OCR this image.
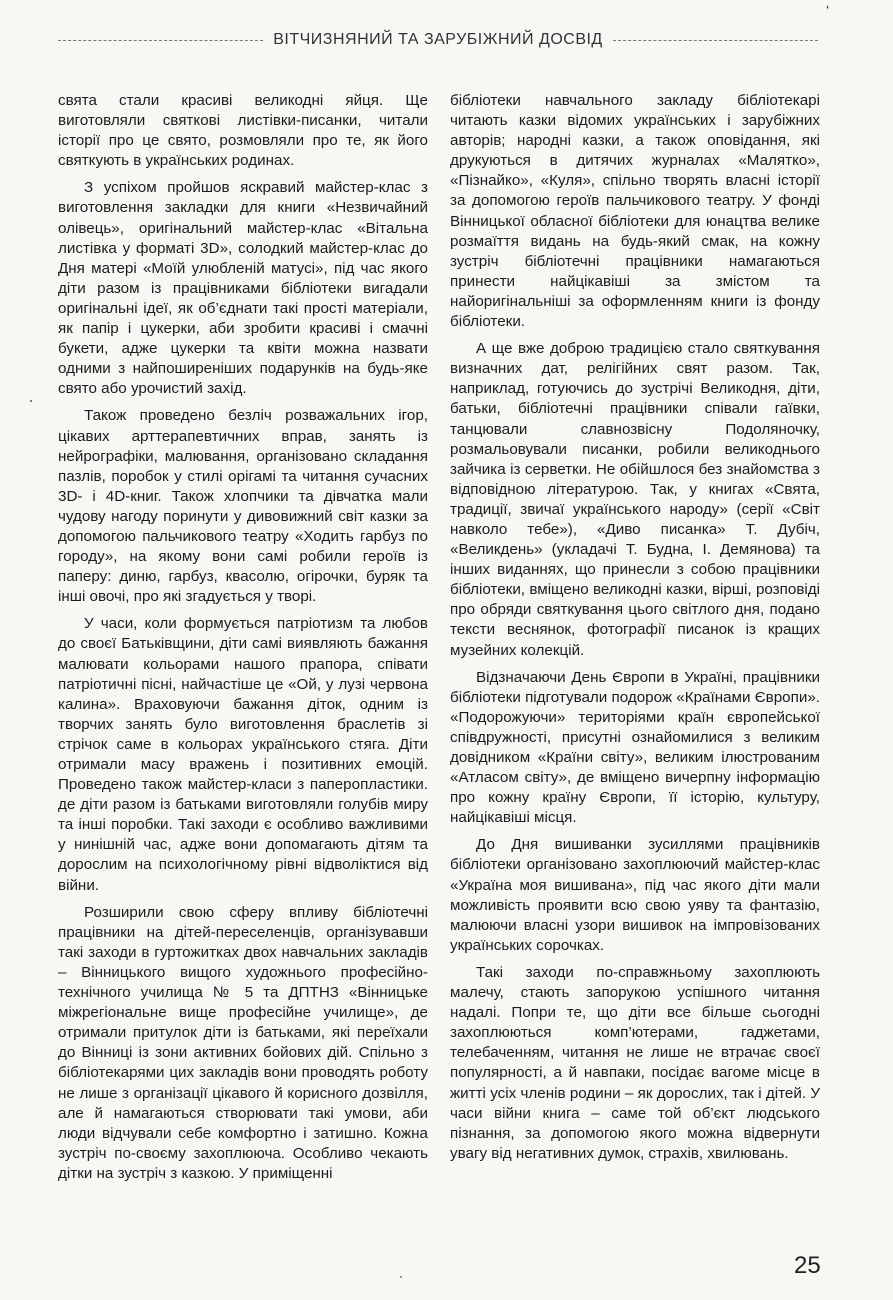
‘
ВІТЧИЗНЯНИЙ ТА ЗАРУБІЖНИЙ ДОСВІД

свята стали красиві великодні яйця. Ще виготовляли святкові листівки-писанки, читали історії про це свято, розмовляли про те, як його святкують в українських родинах.

З успіхом пройшов яскравий майстер-клас з виготовлення закладки для книги «Незвичайний олівець», оригінальний майстер-клас «Вітальна листівка у форматі 3D», солодкий майстер-клас до Дня матері «Моїй улюбленій матусі», під час якого діти разом із працівниками бібліотеки вигадали оригінальні ідеї, як об’єднати такі прості матеріали, як папір і цукерки, аби зробити красиві і смачні букети, адже цукерки та квіти можна назвати одними з найпоширеніших подарунків на будь-яке свято або урочистий захід.

Також проведено безліч розважальних ігор, цікавих арттерапевтичних вправ, занять із нейрографіки, малювання, організовано складання пазлів, поробок у стилі орігамі та читання сучасних 3D- і 4D-книг. Також хлопчики та дівчатка мали чудову нагоду поринути у дивовижний світ казки за допомогою пальчикового театру «Ходить гарбуз по городу», на якому вони самі робили героїв із паперу: диню, гарбуз, квасолю, огірочки, буряк та інші овочі, про які згадується у творі.

У часи, коли формується патріотизм та любов до своєї Батьківщини, діти самі виявляють бажання малювати кольорами нашого прапора, співати патріотичні пісні, найчастіше це «Ой, у лузі червона калина». Враховуючи бажання діток, одним із творчих занять було виготовлення браслетів зі стрічок саме в кольорах українського стяга. Діти отримали масу вражень і позитивних емоцій. Проведено також майстер-класи з паперопластики. де діти разом із батьками виготовляли голубів миру та інші поробки. Такі заходи є особливо важливими у нинішній час, адже вони допомагають дітям та дорослим на психологічному рівні відволіктися від війни.

Розширили свою сферу впливу бібліотечні працівники на дітей-переселенців, організувавши такі заходи в гуртожитках двох навчальних закладів – Вінницького вищого художнього професійно-технічного училища № 5 та ДПТНЗ «Вінницьке міжрегіональне вище професійне училище», де отримали притулок діти із батьками, які переїхали до Вінниці із зони активних бойових дій. Спільно з бібліотекарями цих закладів вони проводять роботу не лише з організації цікавого й корисного дозвілля, але й намагаються створювати такі умови, аби люди відчували себе комфортно і затишно. Кожна зустріч по-своєму захоплююча. Особливо чекають дітки на зустріч з казкою. У приміщенні

бібліотеки навчального закладу бібліотекарі читають казки відомих українських і зарубіжних авторів; народні казки, а також оповідання, які друкуються в дитячих журналах «Малятко», «Пізнайко», «Куля», спільно творять власні історії за допомогою героїв пальчикового театру. У фонді Вінницької обласної бібліотеки для юнацтва велике розмаїття видань на будь-який смак, на кожну зустріч бібліотечні працівники намагаються принести найцікавіші за змістом та найоригінальніші за оформленням книги із фонду бібліотеки.

А ще вже доброю традицією стало святкування визначних дат, релігійних свят разом. Так, наприклад, готуючись до зустрічі Великодня, діти, батьки, бібліотечні працівники співали гаївки, танцювали славнозвісну Подоляночку, розмальовували писанки, робили великоднього зайчика із серветки. Не обійшлося без знайомства з відповідною літературою. Так, у книгах «Свята, традиції, звичаї українського народу» (серії «Світ навколо тебе»), «Диво писанка» Т. Дубіч, «Великдень» (укладачі Т. Будна, І. Демянова) та інших виданнях, що принесли з собою працівники бібліотеки, вміщено великодні казки, вірші, розповіді про обряди святкування цього світлого дня, подано тексти веснянок, фотографії писанок із кращих музейних колекцій.

Відзначаючи День Європи в Україні, працівники бібліотеки підготували подорож «Країнами Європи». «Подорожуючи» територіями країн європейської співдружності, присутні ознайомилися з великим довідником «Країни світу», великим ілюстрованим «Атласом світу», де вміщено вичерпну інформацію про кожну країну Європи, її історію, культуру, найцікавіші місця.

До Дня вишиванки зусиллями працівників бібліотеки організовано захоплюючий майстер-клас «Україна моя вишивана», під час якого діти мали можливість проявити всю свою уяву та фантазію, малюючи власні узори вишивок на імпровізованих українських сорочках.

Такі заходи по-справжньому захоплюють малечу, стають запорукою успішного читання надалі. Попри те, що діти все більше сьогодні захоплюються комп’ютерами, гаджетами, телебаченням, читання не лише не втрачає своєї популярності, а й навпаки, посідає вагоме місце в житті усіх членів родини – як дорослих, так і дітей. У часи війни книга – саме той об’єкт людського пізнання, за допомогою якого можна відвернути увагу від негативних думок, страхів, хвилювань.

25
